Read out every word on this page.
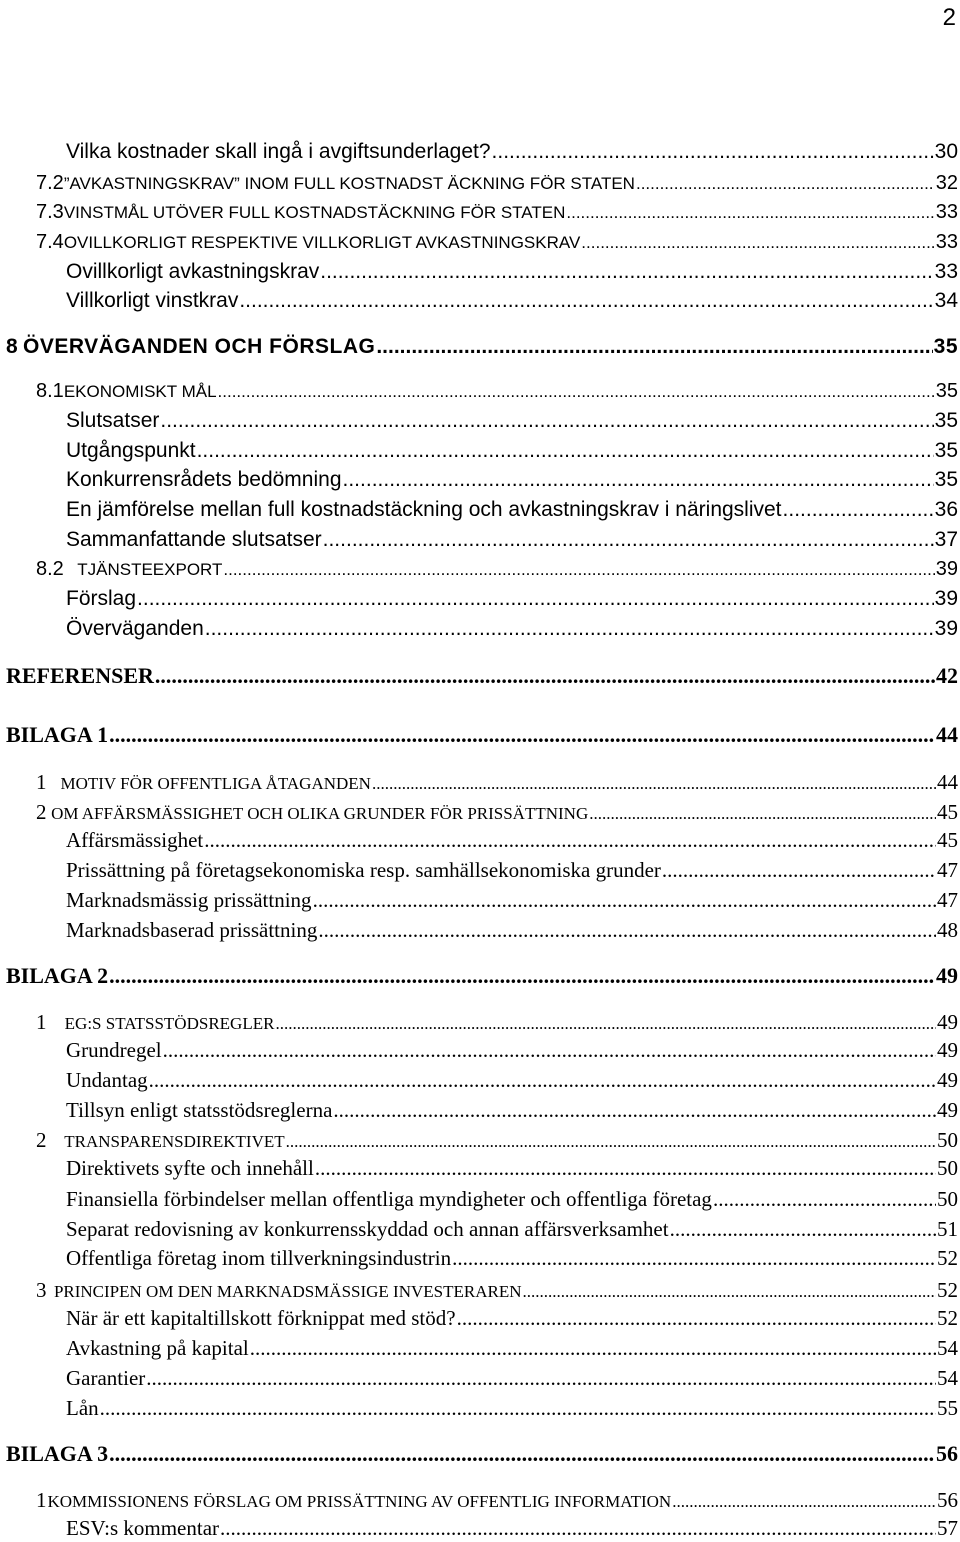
2
Vilka kostnader skall ingå i avgiftsunderlaget? .....	30
7.2 ”AVKASTNINGSKRAV” INOM FULL KOSTNADST ÄCKNING FÖR STATEN .....	32
7.3 VINSTMÅL UTÖVER FULL KOSTNADSTÄCKNING FÖR STATEN .....	33
7.4 OVILLKORLIGT RESPEKTIVE VILLKORLIGT AVKASTNINGSKRAV .....	33
Ovillkorligt avkastningskrav .....	33
Villkorligt vinstkrav .....	34
8 ÖVERVÄGANDEN OCH FÖRSLAG .....	35
8.1 EKONOMISKT MÅL .....	35
Slutsatser .....	35
Utgångspunkt .....	35
Konkurrensrådets bedömning .....	35
En jämförelse mellan full kostnadstäckning och avkastningskrav i näringslivet .....	36
Sammanfattande slutsatser .....	37
8.2 TJÄNSTEEXPORT .....	39
Förslag .....	39
Överväganden .....	39
REFERENSER .....	42
BILAGA 1 .....	44
1 MOTIV FÖR OFFENTLIGA ÅTAGANDEN .....	44
2 OM AFFÄRSMÄSSIGHET OCH OLIKA GRUNDER FÖR PRISSÄTTNING .....	45
Affärsmässighet .....	45
Prissättning på företagsekonomiska resp. samhällsekonomiska grunder .....	47
Marknadsmässig prissättning .....	47
Marknadsbaserad prissättning .....	48
BILAGA 2 .....	49
1	EG:S STATSSTÖDSREGLER .....	49
Grundregel .....	49
Undantag .....	49
Tillsyn enligt statsstödsreglerna .....	49
2	TRANSPARENSDIREKTIVET .....	50
Direktivets syfte och innehåll .....	50
Finansiella förbindelser mellan offentliga myndigheter och offentliga företag .....	50
Separat redovisning av konkurrensskyddad och annan affärsverksamhet .....	51
Offentliga företag inom tillverkningsindustrin .....	52
3 PRINCIPEN OM DEN MARKNADSMÄSSIGE INVESTERAREN .....	52
När är ett kapitaltillskott förknippat med stöd? .....	52
Avkastning på kapital .....	54
Garantier .....	54
Lån .....	55
BILAGA 3 .....	56
1 KOMMISSIONENS FÖRSLAG OM PRISSÄTTNING AV OFFENTLIG INFORMATION .....	56
ESV:s kommentar .....	57
